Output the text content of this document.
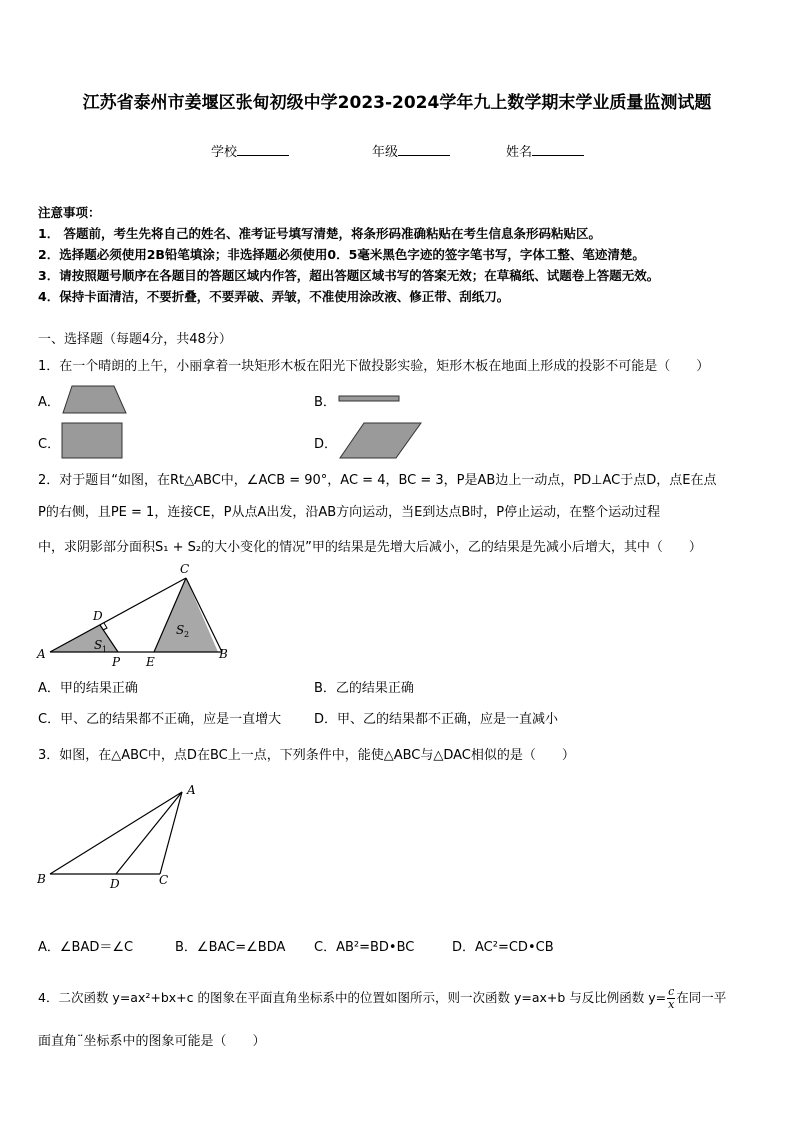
江苏省泰州市姜堰区张甸初级中学2023-2024学年九上数学期末学业质量监测试题
学校	年级	姓名
注意事项：
1． 答题前，考生先将自己的姓名、准考证号填写清楚，将条形码准确粘贴在考生信息条形码粘贴区。
2．选择题必须使用2B铅笔填涂；非选择题必须使用0．5毫米黑色字迹的签字笔书写，字体工整、笔迹清楚。
3．请按照题号顺序在各题目的答题区域内作答，超出答题区域书写的答案无效；在草稿纸、试题卷上答题无效。
4．保持卡面清洁，不要折叠，不要弄破、弄皱，不准使用涂改液、修正带、刮纸刀。
一、选择题（每题4分，共48分）
1．在一个晴朗的上午，小丽拿着一块矩形木板在阳光下做投影实验，矩形木板在地面上形成的投影不可能是（　　）
A．	B．
C．	D．
2．对于题目“如图，在Rt△ABC中，∠ACB = 90°，AC = 4，BC = 3，P是AB边上一动点，PD⊥AC于点D，点E在点
P的右侧，且PE = 1，连接CE，P从点A出发，沿AB方向运动，当E到达点B时，P停止运动，在整个运动过程
中，求阴影部分面积S₁ + S₂的大小变化的情况”甲的结果是先增大后减小，乙的结果是先减小后增大，其中（　　）
A
C
B
D
P E
S 1
S 2
A．甲的结果正确	B．乙的结果正确
C．甲、乙的结果都不正确，应是一直增大	D．甲、乙的结果都不正确，应是一直减小
3．如图，在△ABC中，点D在BC上一点，下列条件中，能使△ABC与△DAC相似的是（　　）
A
B	D	C
A．∠BAD＝∠C	B．∠BAC=∠BDA C．AB²=BD•BC	D．AC²=CD•CB
4．二次函数 y=ax²+bx+c 的图象在平面直角坐标系中的位置如图所示，则一次函数 y=ax+b 与反比例函数 $y= \frac{c}{x}$ 在同一平
面直角¨坐标系中的图象可能是（　　）
